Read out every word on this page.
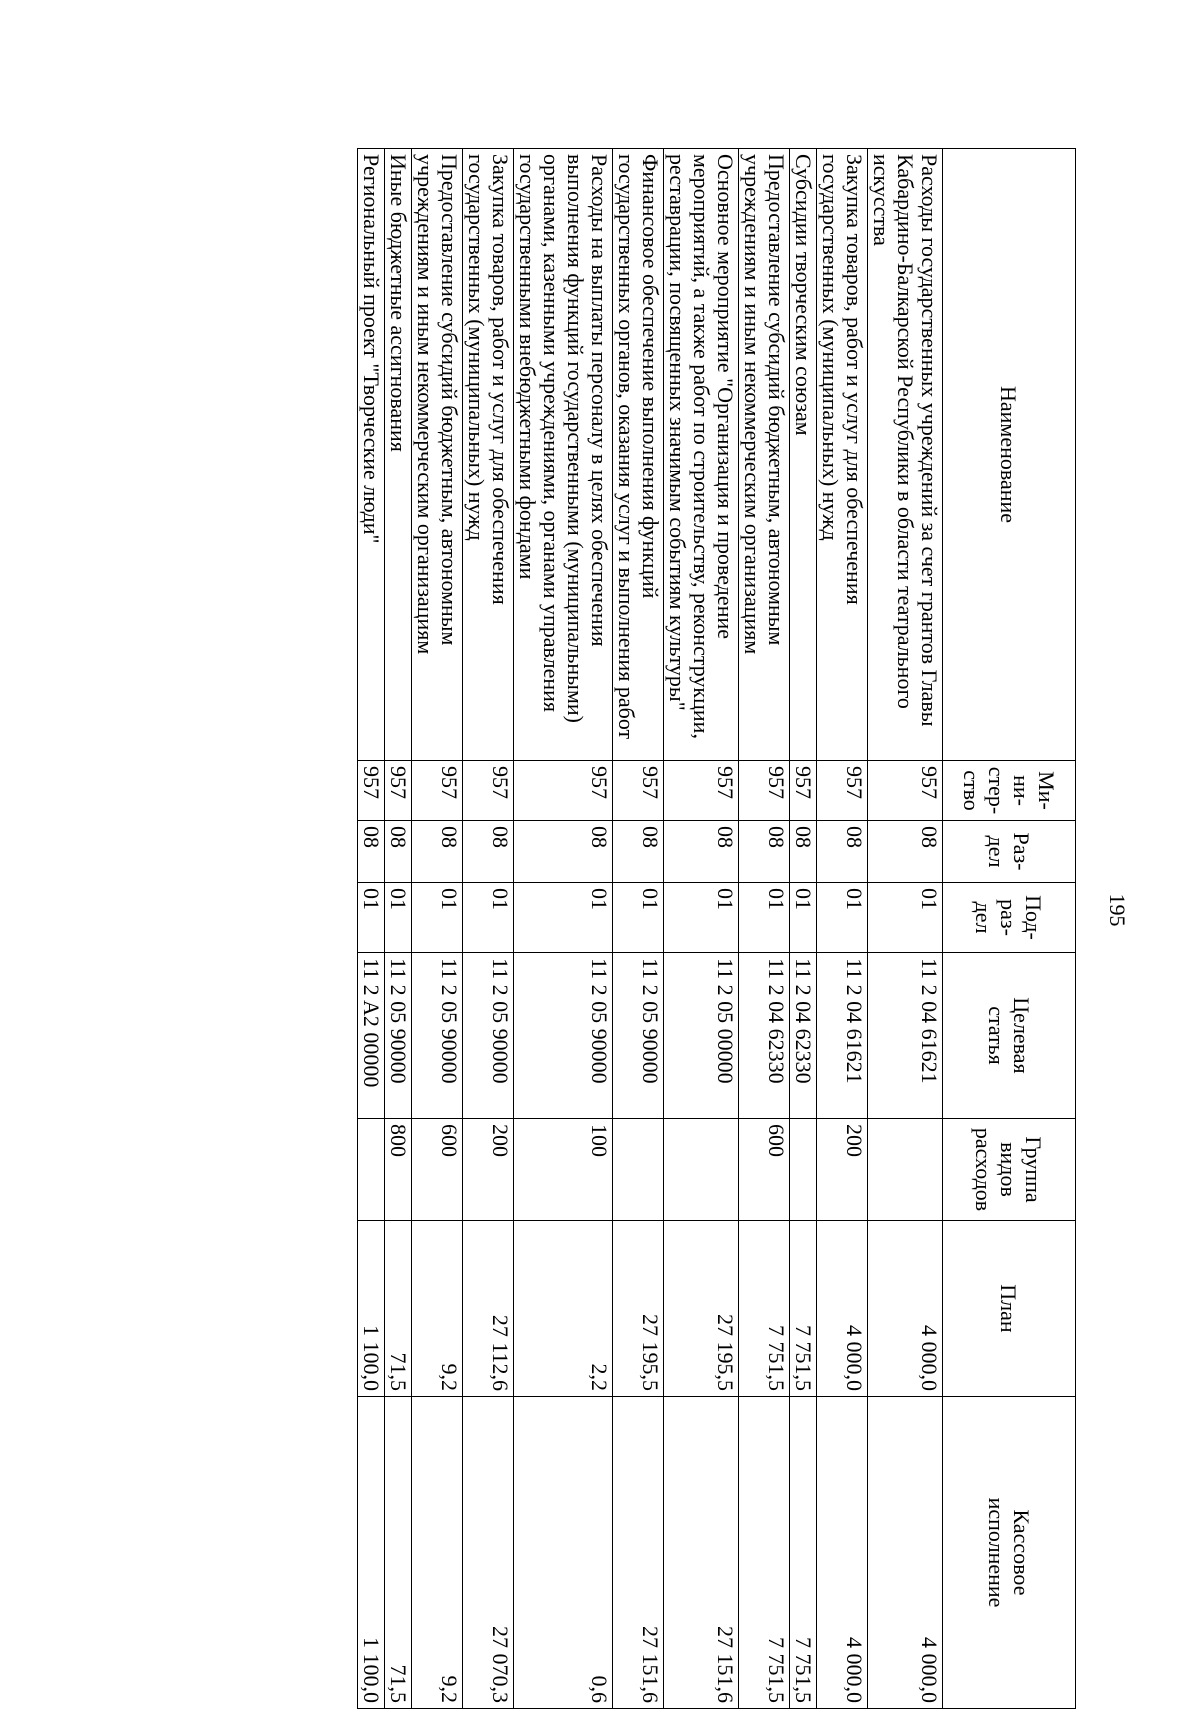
195
Наименование	Ми-
ни-
стер-
ство	Раз-
дел	Под-
раз-
дел	Целевая
статья	Группа
видов
расходов	План	Кассовое
исполнение
Расходы государственных учреждений за счет грантов Главы Кабардино-Балкарской Республики в области театрального искусства	957	08	01	11 2 04 61621		4 000,0	4 000,0
Закупка товаров, работ и услуг для обеспечения государственных (муниципальных) нужд	957	08	01	11 2 04 61621	200	4 000,0	4 000,0
Субсидии творческим союзам	957	08	01	11 2 04 62330		7 751,5	7 751,5
Предоставление субсидий бюджетным, автономным учреждениям и иным некоммерческим организациям	957	08	01	11 2 04 62330	600	7 751,5	7 751,5
Основное мероприятие "Организация и проведение мероприятий, а также работ по строительству, реконструкции, реставрации, посвященных значимым событиям культуры"	957	08	01	11 2 05 00000		27 195,5	27 151,6
Финансовое обеспечение выполнения функций государственных органов, оказания услуг и выполнения работ	957	08	01	11 2 05 90000		27 195,5	27 151,6
Расходы на выплаты персоналу в целях обеспечения выполнения функций государственными (муниципальными) органами, казенными учреждениями, органами управления государственными внебюджетными фондами	957	08	01	11 2 05 90000	100	2,2	0,6
Закупка товаров, работ и услуг для обеспечения государственных (муниципальных) нужд	957	08	01	11 2 05 90000	200	27 112,6	27 070,3
Предоставление субсидий бюджетным, автономным учреждениям и иным некоммерческим организациям	957	08	01	11 2 05 90000	600	9,2	9,2
Иные бюджетные ассигнования	957	08	01	11 2 05 90000	800	71,5	71,5
Региональный проект "Творческие люди"	957	08	01	11 2 A2 00000		1 100,0	1 100,0
